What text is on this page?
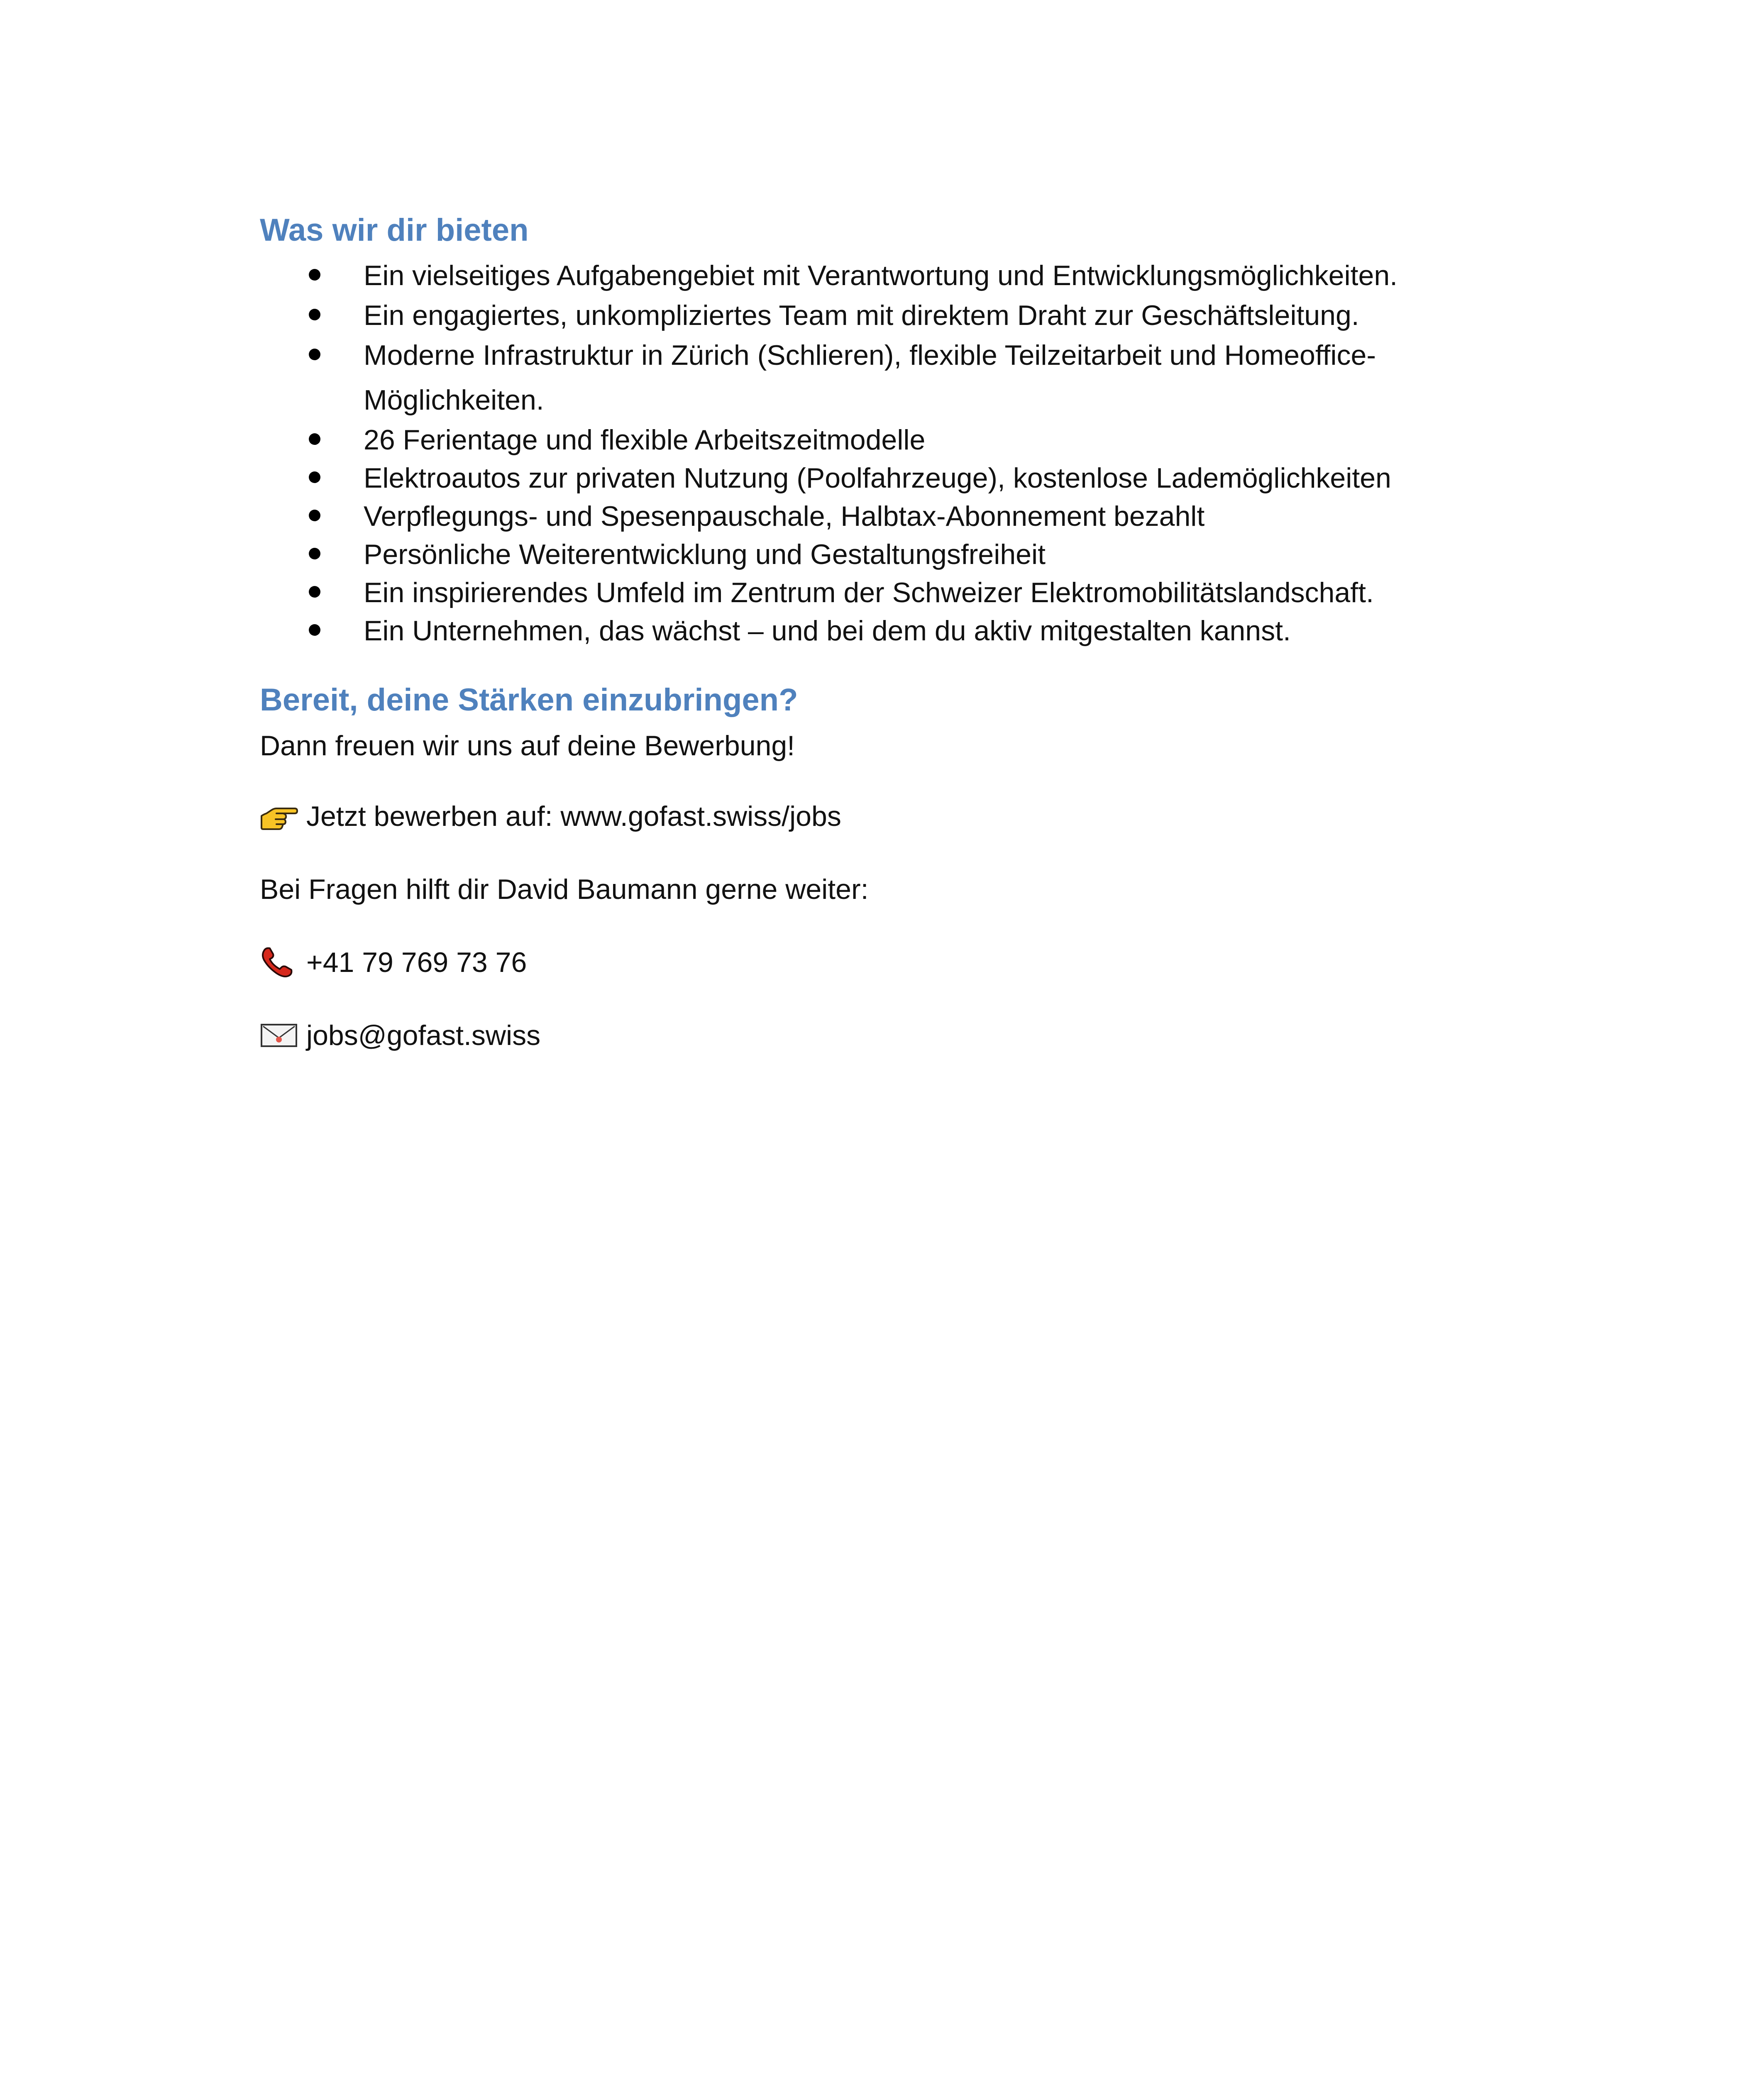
Was wir dir bieten
Ein vielseitiges Aufgabengebiet mit Verantwortung und Entwicklungsmöglichkeiten.
Ein engagiertes, unkompliziertes Team mit direktem Draht zur Geschäftsleitung.
Moderne Infrastruktur in Zürich (Schlieren), flexible Teilzeitarbeit und Homeoffice-Möglichkeiten.
26 Ferientage und flexible Arbeitszeitmodelle
Elektroautos zur privaten Nutzung (Poolfahrzeuge), kostenlose Lademöglichkeiten
Verpflegungs- und Spesenpauschale, Halbtax-Abonnement bezahlt
Persönliche Weiterentwicklung und Gestaltungsfreiheit
Ein inspirierendes Umfeld im Zentrum der Schweizer Elektromobilitätslandschaft.
Ein Unternehmen, das wächst – und bei dem du aktiv mitgestalten kannst.
Bereit, deine Stärken einzubringen?

Dann freuen wir uns auf deine Bewerbung!

Jetzt bewerben auf: www.gofast.swiss/jobs

Bei Fragen hilft dir David Baumann gerne weiter:

+41 79 769 73 76
jobs@gofast.swiss
